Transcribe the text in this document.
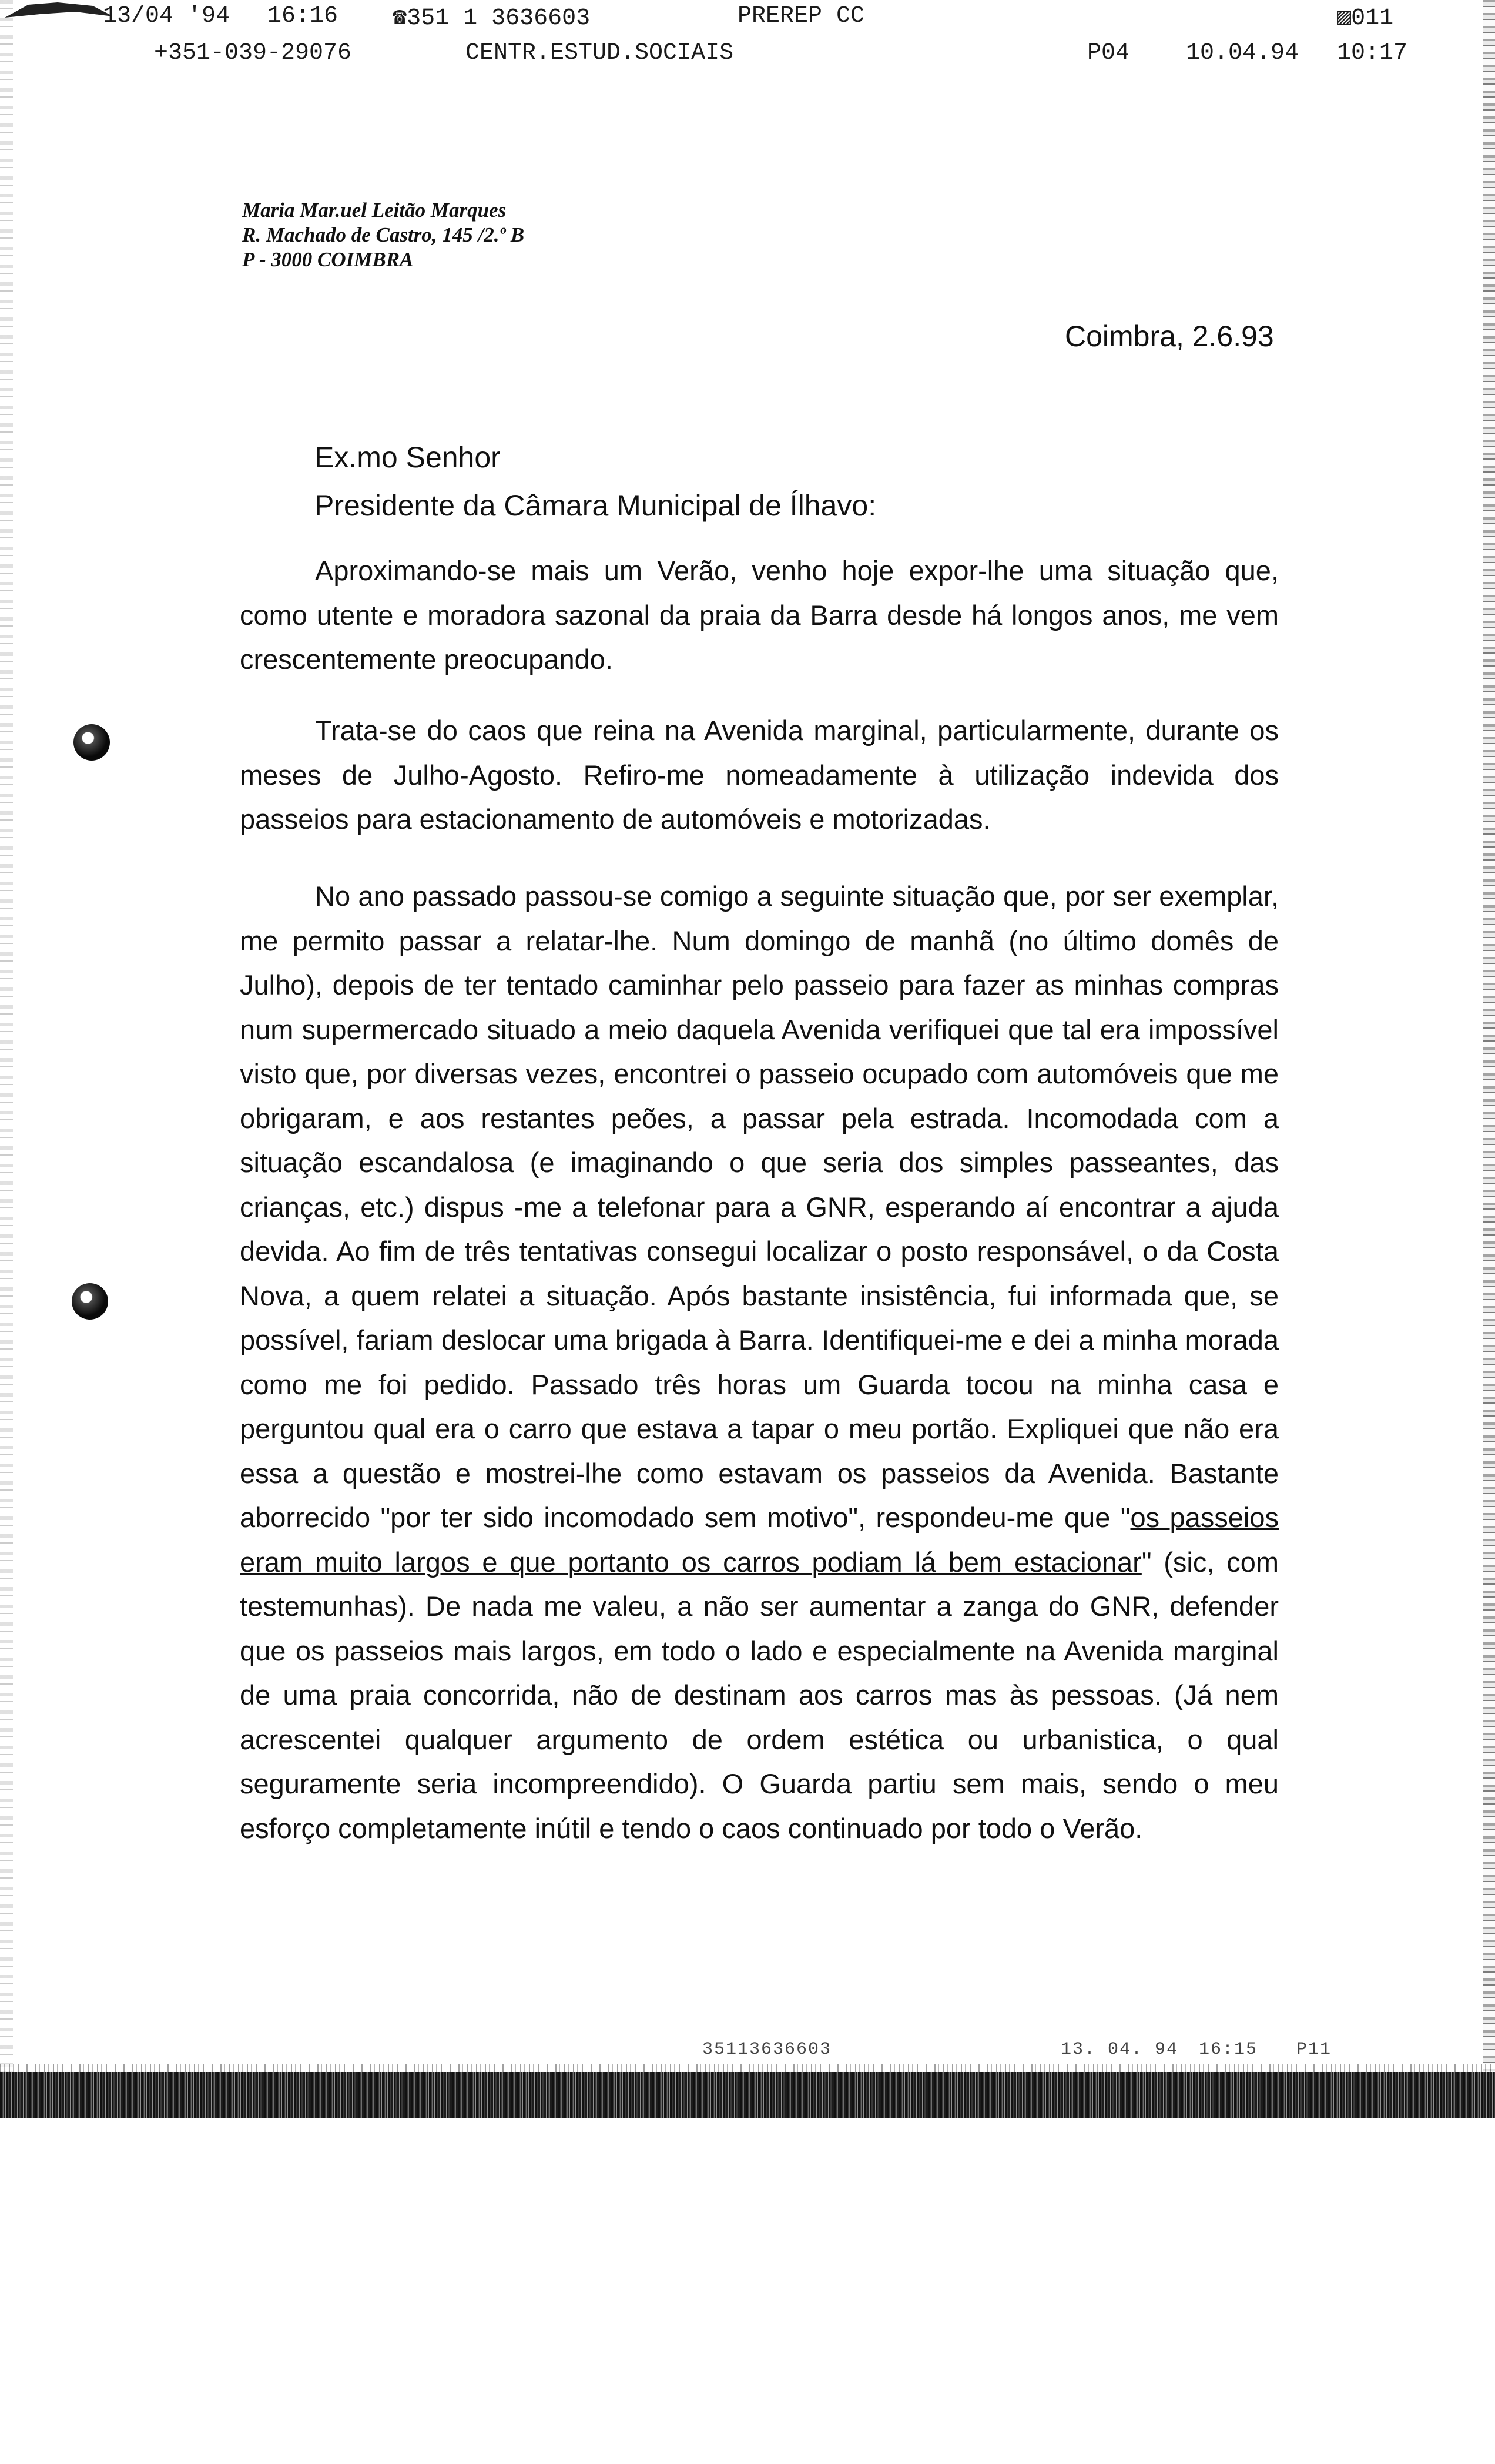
13/04 '94 16:16 ☎351 1 3636603	PREREP CC	▨011
+351-039-29076	CENTR.ESTUD.SOCIAIS	P04 10.04.94 10:17
Maria Mar.uel Leitão Marques
R. Machado de Castro, 145 /2.º B
P - 3000 COIMBRA
Coimbra, 2.6.93
Ex.mo Senhor
Presidente da Câmara Municipal de Ílhavo:

Aproximando-se mais um Verão, venho hoje expor-lhe uma situação que, como utente e moradora sazonal da praia da Barra desde há longos anos, me vem crescentemente preocupando.

Trata-se do caos que reina na Avenida marginal, particularmente, durante os meses de Julho-Agosto. Refiro-me nomeadamente à utilização indevida dos passeios para estacionamento de automóveis e motorizadas.

No ano passado passou-se comigo a seguinte situação que, por ser exemplar, me permito passar a relatar-lhe. Num domingo de manhã (no último domês de Julho), depois de ter tentado caminhar pelo passeio para fazer as minhas compras num supermercado situado a meio daquela Avenida verifiquei que tal era impossível visto que, por diversas vezes, encontrei o passeio ocupado com automóveis que me obrigaram, e aos restantes peões, a passar pela estrada. Incomodada com a situação escandalosa (e imaginando o que seria dos simples passeantes, das crianças, etc.) dispus -me a telefonar para a GNR, esperando aí encontrar a ajuda devida. Ao fim de três tentativas consegui localizar o posto responsável, o da Costa Nova, a quem relatei a situação. Após bastante insistência, fui informada que, se possível, fariam deslocar uma brigada à Barra. Identifiquei-me e dei a minha morada como me foi pedido. Passado três horas um Guarda tocou na minha casa e perguntou qual era o carro que estava a tapar o meu portão. Expliquei que não era essa a questão e mostrei-lhe como estavam os passeios da Avenida. Bastante aborrecido "por ter sido incomodado sem motivo", respondeu-me que "os passeios eram muito largos e que portanto os carros podiam lá bem estacionar" (sic, com testemunhas). De nada me valeu, a não ser aumentar a zanga do GNR, defender que os passeios mais largos, em todo o lado e especialmente na Avenida marginal de uma praia concorrida, não de destinam aos carros mas às pessoas. (Já nem acrescentei qualquer argumento de ordem estética ou urbanistica, o qual seguramente seria incompreendido). O Guarda partiu sem mais, sendo o meu esforço completamente inútil e tendo o caos continuado por todo o Verão.

35113636603	13. 04. 94 16:15 P11
